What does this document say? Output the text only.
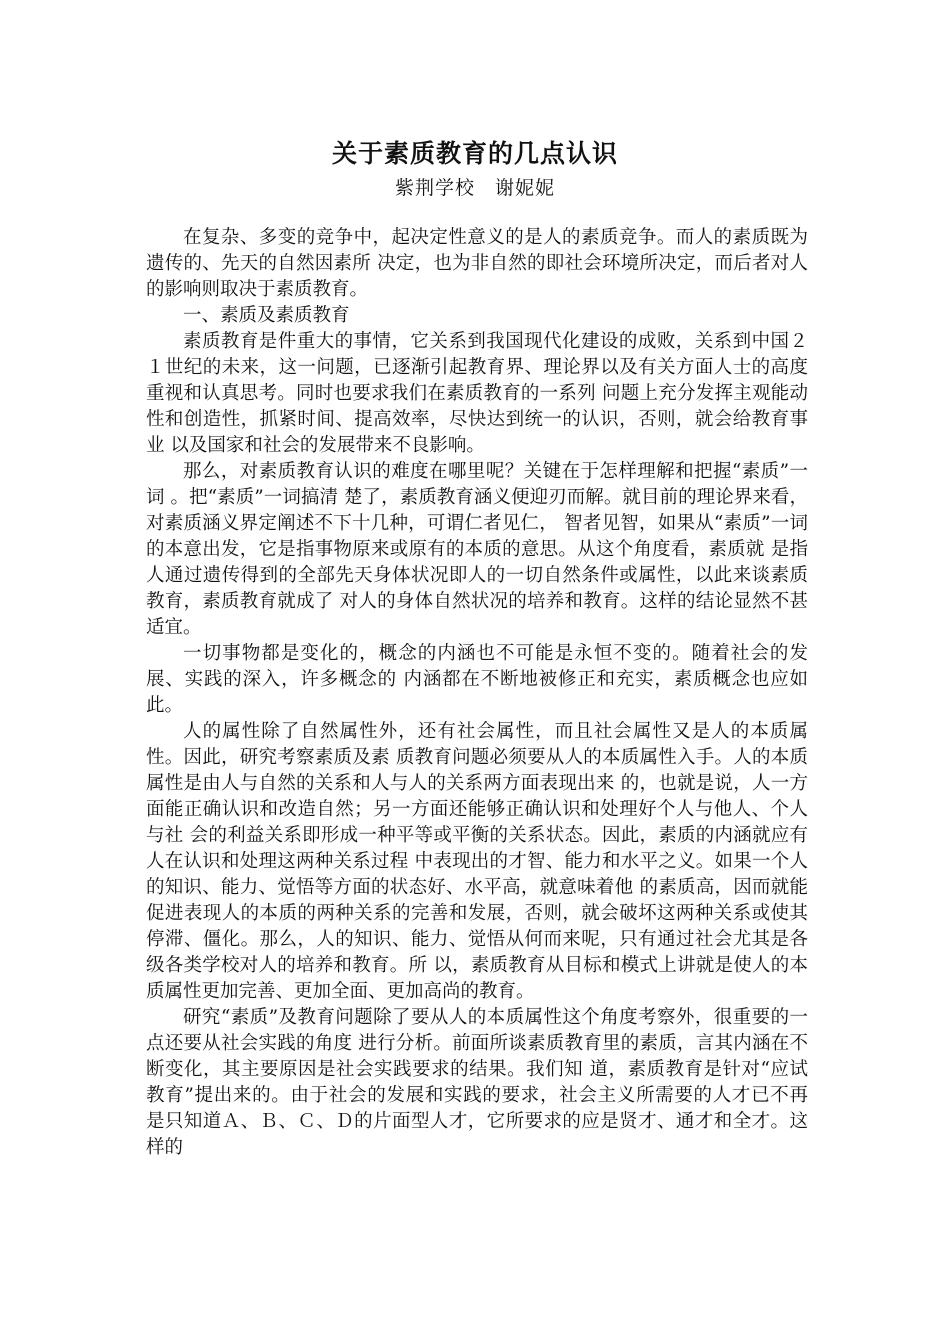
关于素质教育的几点认识
紫荆学校　谢妮妮

在复杂、多变的竞争中，起决定性意义的是人的素质竞争。而人的素质既为遗传的、先天的自然因素所 决定，也为非自然的即社会环境所决定，而后者对人的影响则取决于素质教育。

一、素质及素质教育

素质教育是件重大的事情，它关系到我国现代化建设的成败，关系到中国２１世纪的未来，这一问题，已逐渐引起教育界、理论界以及有关方面人士的高度重视和认真思考。同时也要求我们在素质教育的一系列 问题上充分发挥主观能动性和创造性，抓紧时间、提高效率，尽快达到统一的认识，否则，就会给教育事业 以及国家和社会的发展带来不良影响。

那么，对素质教育认识的难度在哪里呢？关键在于怎样理解和把握“素质”一词 。把“素质”一词搞清 楚了，素质教育涵义便迎刃而解。就目前的理论界来看，对素质涵义界定阐述不下十几种，可谓仁者见仁， 智者见智，如果从“素质”一词的本意出发，它是指事物原来或原有的本质的意思。从这个角度看，素质就 是指人通过遗传得到的全部先天身体状况即人的一切自然条件或属性，以此来谈素质教育，素质教育就成了 对人的身体自然状况的培养和教育。这样的结论显然不甚适宜。

一切事物都是变化的，概念的内涵也不可能是永恒不变的。随着社会的发展、实践的深入，许多概念的 内涵都在不断地被修正和充实，素质概念也应如此。

人的属性除了自然属性外，还有社会属性，而且社会属性又是人的本质属性。因此，研究考察素质及素 质教育问题必须要从人的本质属性入手。人的本质属性是由人与自然的关系和人与人的关系两方面表现出来 的，也就是说，人一方面能正确认识和改造自然；另一方面还能够正确认识和处理好个人与他人、个人与社 会的利益关系即形成一种平等或平衡的关系状态。因此，素质的内涵就应有人在认识和处理这两种关系过程 中表现出的才智、能力和水平之义。如果一个人的知识、能力、觉悟等方面的状态好、水平高，就意味着他 的素质高，因而就能促进表现人的本质的两种关系的完善和发展，否则，就会破坏这两种关系或使其停滞、僵化。那么，人的知识、能力、觉悟从何而来呢，只有通过社会尤其是各级各类学校对人的培养和教育。所 以，素质教育从目标和模式上讲就是使人的本质属性更加完善、更加全面、更加高尚的教育。

研究“素质”及教育问题除了要从人的本质属性这个角度考察外，很重要的一点还要从社会实践的角度 进行分析。前面所谈素质教育里的素质，言其内涵在不断变化，其主要原因是社会实践要求的结果。我们知 道，素质教育是针对“应试教育”提出来的。由于社会的发展和实践的要求，社会主义所需要的人才已不再 是只知道Ａ、Ｂ、Ｃ、Ｄ的片面型人才，它所要求的应是贤才、通才和全才。这样的
